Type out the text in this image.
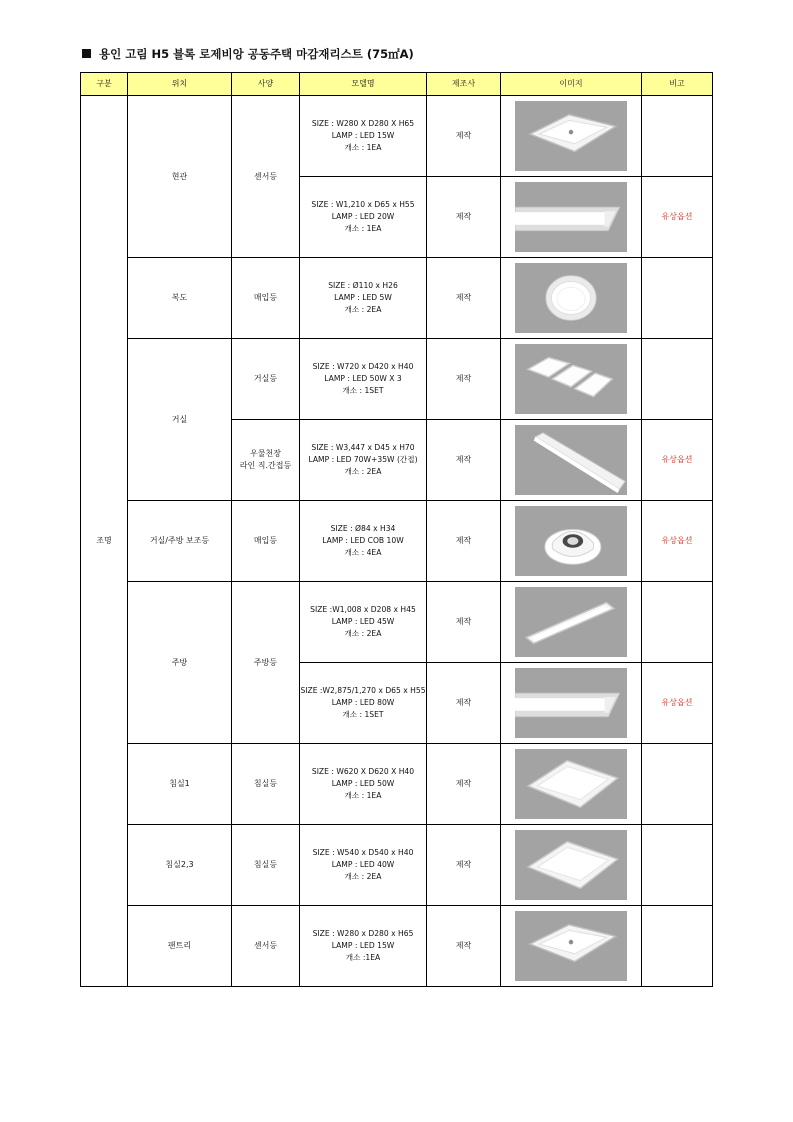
용인 고림 H5 블록 로제비앙 공동주택 마감재리스트 (75㎡A)
구분	위치	사양	모델명	제조사	이미지	비고
조명	현관	센서등	SIZE : W280 X D280 X H65
LAMP : LED 15W
개소 : 1EA	제작	

			SIZE : W1,210 x D65 x H55
LAMP : LED 20W
개소 : 1EA	제작		유상옵션
	복도	매입등	SIZE : Ø110 x H26
LAMP : LED 5W
개소 : 2EA	제작	

	거실	거실등	SIZE : W720 x D420 x H40
LAMP : LED 50W X 3
개소 : 1SET	제작	

		우물천장
라인 직.간접등	SIZE : W3,447 x D45 x H70
LAMP : LED 70W+35W (간접)
개소 : 2EA	제작		유상옵션
	거실/주방 보조등	매입등	SIZE : Ø84 x H34
LAMP : LED COB 10W
개소 : 4EA	제작		유상옵션
	주방	주방등	SIZE :W1,008 x D208 x H45
LAMP : LED 45W
개소 : 2EA	제작	

			SIZE :W2,875/1,270 x D65 x H55
LAMP : LED 80W
개소 : 1SET	제작		유상옵션
	침실1	침실등	SIZE : W620 X D620 X H40
LAMP : LED 50W
개소 : 1EA	제작	

	침실2,3	침실등	SIZE : W540 x D540 x H40
LAMP : LED 40W
개소 : 2EA	제작	

	팬트리	센서등	SIZE : W280 x D280 x H65
LAMP : LED 15W
개소 :1EA	제작	
